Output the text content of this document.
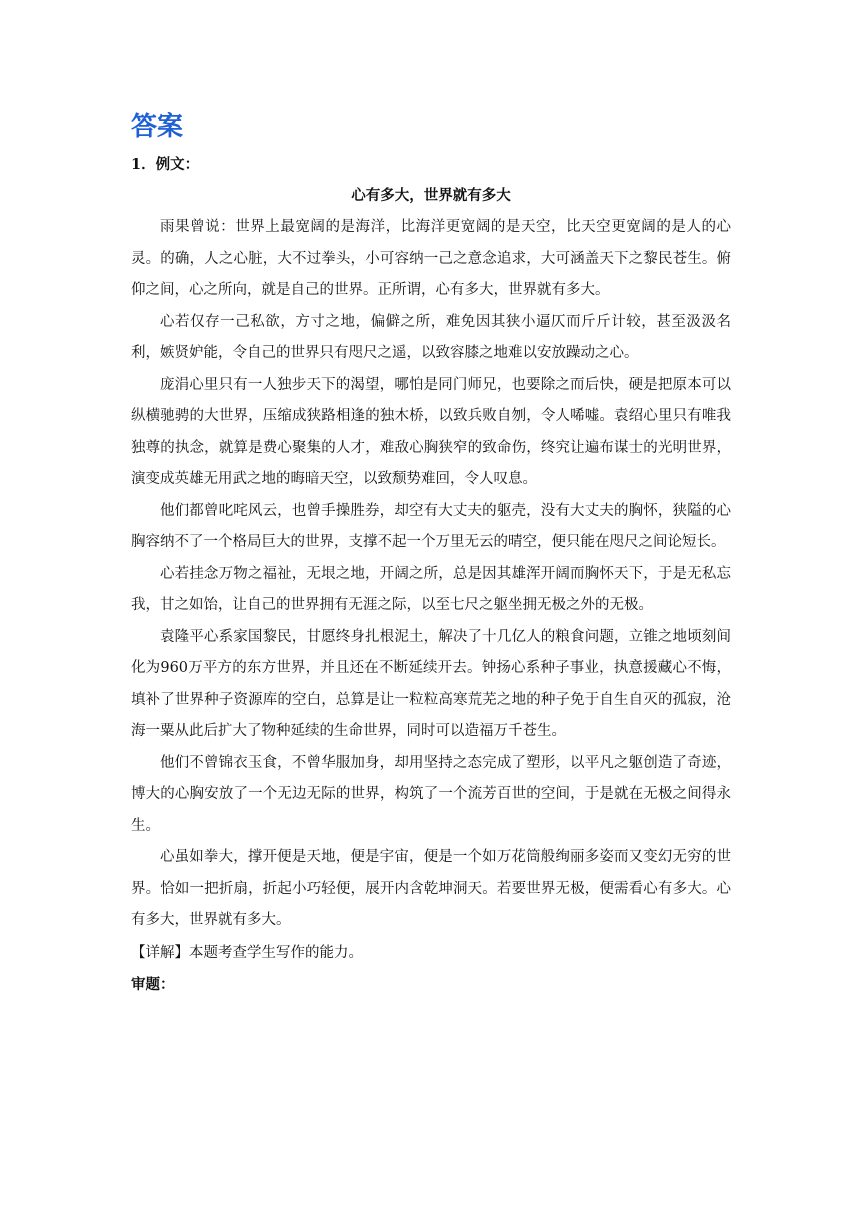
答案

1．例文：

心有多大，世界就有多大

雨果曾说：世界上最宽阔的是海洋，比海洋更宽阔的是天空，比天空更宽阔的是人的心灵。的确，人之心脏，大不过拳头，小可容纳一己之意念追求，大可涵盖天下之黎民苍生。俯仰之间，心之所向，就是自己的世界。正所谓，心有多大，世界就有多大。

心若仅存一己私欲，方寸之地，偏僻之所，难免因其狭小逼仄而斤斤计较，甚至汲汲名利，嫉贤妒能，令自己的世界只有咫尺之遥，以致容膝之地难以安放躁动之心。

庞涓心里只有一人独步天下的渴望，哪怕是同门师兄，也要除之而后快，硬是把原本可以纵横驰骋的大世界，压缩成狭路相逢的独木桥，以致兵败自刎，令人唏嘘。袁绍心里只有唯我独尊的执念，就算是费心聚集的人才，难敌心胸狭窄的致命伤，终究让遍布谋士的光明世界，演变成英雄无用武之地的晦暗天空，以致颓势难回，令人叹息。

他们都曾叱咤风云，也曾手操胜券，却空有大丈夫的躯壳，没有大丈夫的胸怀，狭隘的心胸容纳不了一个格局巨大的世界，支撑不起一个万里无云的晴空，便只能在咫尺之间论短长。

心若挂念万物之福祉，无垠之地，开阔之所，总是因其雄浑开阔而胸怀天下，于是无私忘我，甘之如饴，让自己的世界拥有无涯之际，以至七尺之躯坐拥无极之外的无极。

袁隆平心系家国黎民，甘愿终身扎根泥土，解决了十几亿人的粮食问题，立锥之地顷刻间化为960万平方的东方世界，并且还在不断延续开去。钟扬心系种子事业，执意援藏心不悔，填补了世界种子资源库的空白，总算是让一粒粒高寒荒芜之地的种子免于自生自灭的孤寂，沧海一粟从此后扩大了物种延续的生命世界，同时可以造福万千苍生。

他们不曾锦衣玉食，不曾华服加身，却用坚持之态完成了塑形，以平凡之躯创造了奇迹，博大的心胸安放了一个无边无际的世界，构筑了一个流芳百世的空间，于是就在无极之间得永生。

心虽如拳大，撑开便是天地，便是宇宙，便是一个如万花筒般绚丽多姿而又变幻无穷的世界。恰如一把折扇，折起小巧轻便，展开内含乾坤洞天。若要世界无极，便需看心有多大。心有多大，世界就有多大。

【详解】本题考查学生写作的能力。

审题：
